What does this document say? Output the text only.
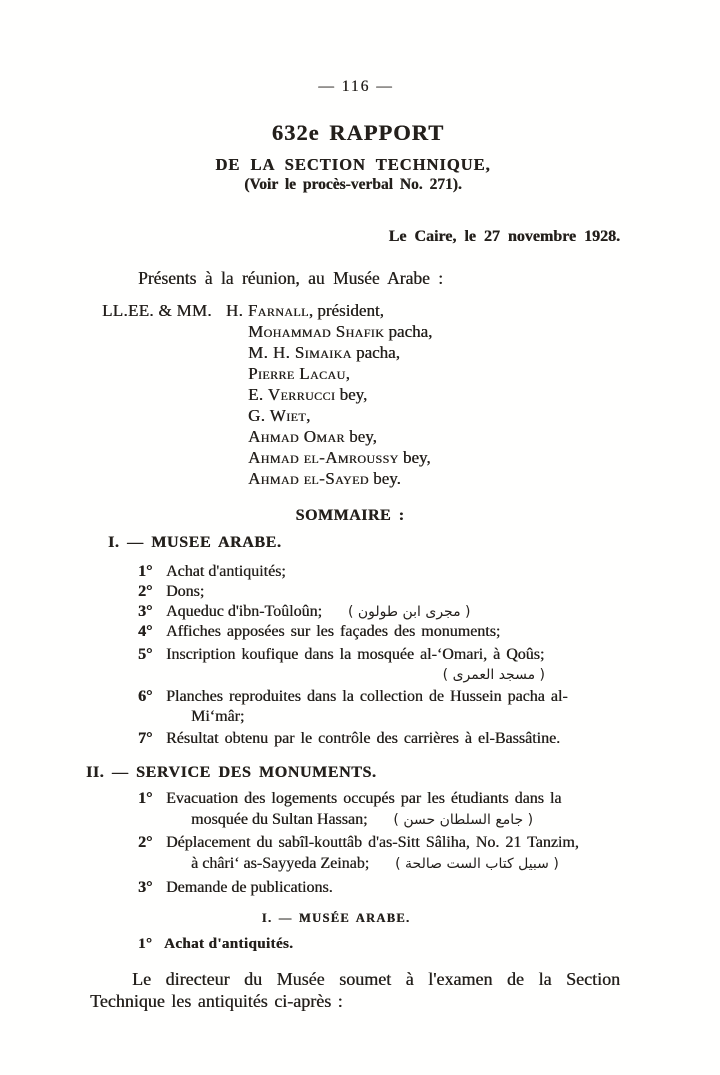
— 116 —
632e RAPPORT
DE LA SECTION TECHNIQUE,
(Voir le procès-verbal No. 271).
Le Caire, le 27 novembre 1928.
Présents à la réunion, au Musée Arabe :
LL.EE. & MM. H. Farnall, président,
Mohammad Shafik pacha,
M. H. Simaika pacha,
Pierre Lacau,
E. Verrucci bey,
G. Wiet,
Ahmad Omar bey,
Ahmad el-Amroussy bey,
Ahmad el-Sayed bey.
SOMMAIRE :
I. — MUSEE ARABE.
1° Achat d'antiquités;
2° Dons;
3° Aqueduc d'ibn-Toûloûn; ( مجرى ابن طولون )
4° Affiches apposées sur les façades des monuments;
5° Inscription koufique dans la mosquée al-‘Omari, à Qoûs;
( مسجد العمرى )
6° Planches reproduites dans la collection de Hussein pacha al-
Mi‘mâr;
7° Résultat obtenu par le contrôle des carrières à el-Bassâtine.
II. — SERVICE DES MONUMENTS.
1° Evacuation des logements occupés par les étudiants dans la
mosquée du Sultan Hassan; ( جامع السلطان حسن )
2° Déplacement du sabîl-kouttâb d'as-Sitt Sâliha, No. 21 Tanzim,
à châri‘ as-Sayyeda Zeinab; ( سبيل كتاب الست صالحة )
3° Demande de publications.
I. — MUSÉE ARABE.
1° Achat d'antiquités.
Le directeur du Musée soumet à l'examen de la Section
Technique les antiquités ci-après :
